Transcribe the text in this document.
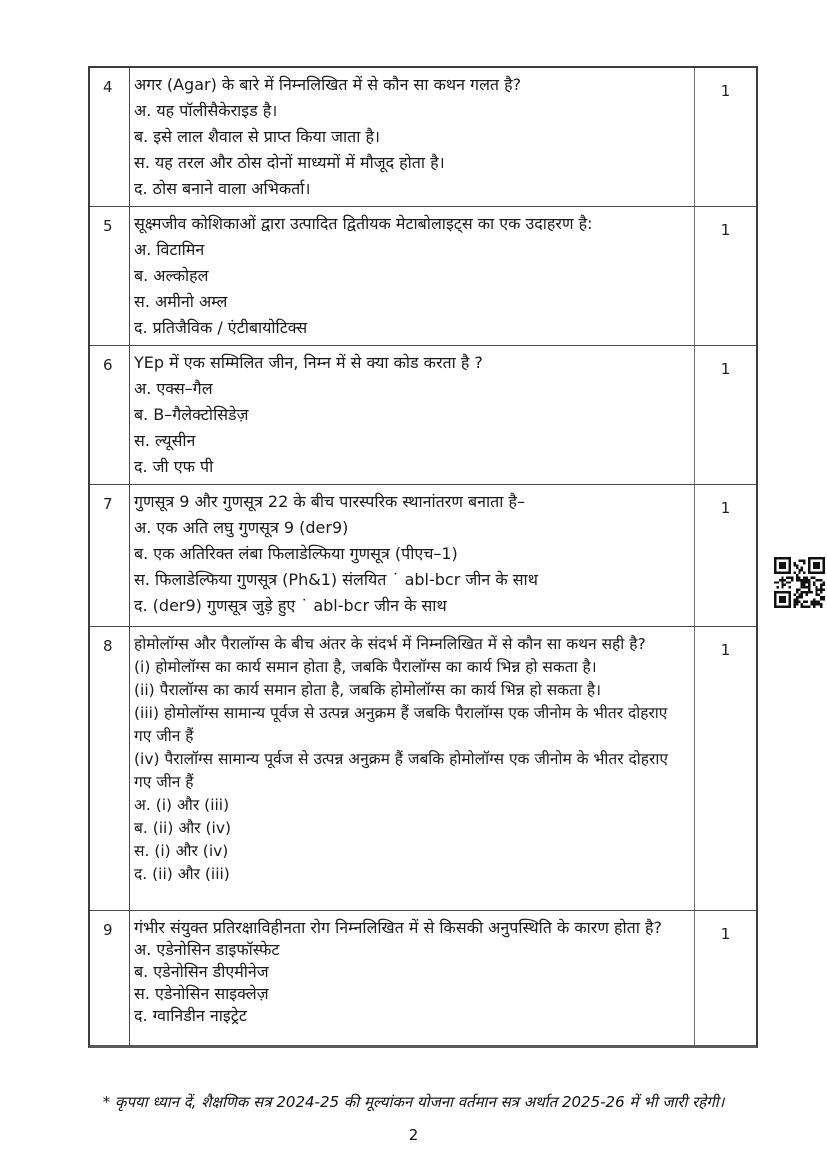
4	अगर (Agar) के बारे में निम्नलिखित में से कौन सा कथन गलत है?
अ. यह पॉलीसैकेराइड है।
ब. इसे लाल शैवाल से प्राप्त किया जाता है।
स. यह तरल और ठोस दोनों माध्यमों में मौजूद होता है।
द. ठोस बनाने वाला अभिकर्ता।
1
5	सूक्ष्मजीव कोशिकाओं द्वारा उत्पादित द्वितीयक मेटाबोलाइट्स का एक उदाहरण है:
अ. विटामिन
ब. अल्कोहल
स. अमीनो अम्ल
द. प्रतिजैविक / एंटीबायोटिक्स
1
6	YEp में एक सम्मिलित जीन, निम्न में से क्या कोड करता है ?
अ. एक्स–गैल
ब. B–गैलेक्टोसिडेज़
स. ल्यूसीन
द. जी एफ पी
1
7	गुणसूत्र 9 और गुणसूत्र 22 के बीच पारस्परिक स्थानांतरण बनाता है–
अ. एक अति लघु गुणसूत्र 9 (der9)
ब. एक अतिरिक्त लंबा फिलाडेल्फिया गुणसूत्र (पीएच–1)
स. फिलाडेल्फिया गुणसूत्र (Ph&1) संलयित ˙ abl-bcr जीन के साथ
द. (der9) गुणसूत्र जुड़े हुए ˙ abl-bcr जीन के साथ
1
8	होमोलॉग्स और पैरालॉग्स के बीच अंतर के संदर्भ में निम्नलिखित में से कौन सा कथन सही है?
(i) होमोलॉग्स का कार्य समान होता है, जबकि पैरालॉग्स का कार्य भिन्न हो सकता है।
(ii) पैरालॉग्स का कार्य समान होता है, जबकि होमोलॉग्स का कार्य भिन्न हो सकता है।
(iii) होमोलॉग्स सामान्य पूर्वज से उत्पन्न अनुक्रम हैं जबकि पैरालॉग्स एक जीनोम के भीतर दोहराए गए जीन हैं
(iv) पैरालॉग्स सामान्य पूर्वज से उत्पन्न अनुक्रम हैं जबकि होमोलॉग्स एक जीनोम के भीतर दोहराए गए जीन हैं
अ. (i) और (iii)
ब. (ii) और (iv)
स. (i) और (iv)
द. (ii) और (iii)
1
9	गंभीर संयुक्त प्रतिरक्षाविहीनता रोग निम्नलिखित में से किसकी अनुपस्थिति के कारण होता है?
अ. एडेनोसिन डाइफॉस्फेट
ब. एडेनोसिन डीएमीनेज
स. एडेनोसिन साइक्लेज़
द. ग्वानिडीन नाइट्रेट
1
* कृपया ध्यान दें, शैक्षणिक सत्र 2024-25 की मूल्यांकन योजना वर्तमान सत्र अर्थात 2025-26 में भी जारी रहेगी।
2
